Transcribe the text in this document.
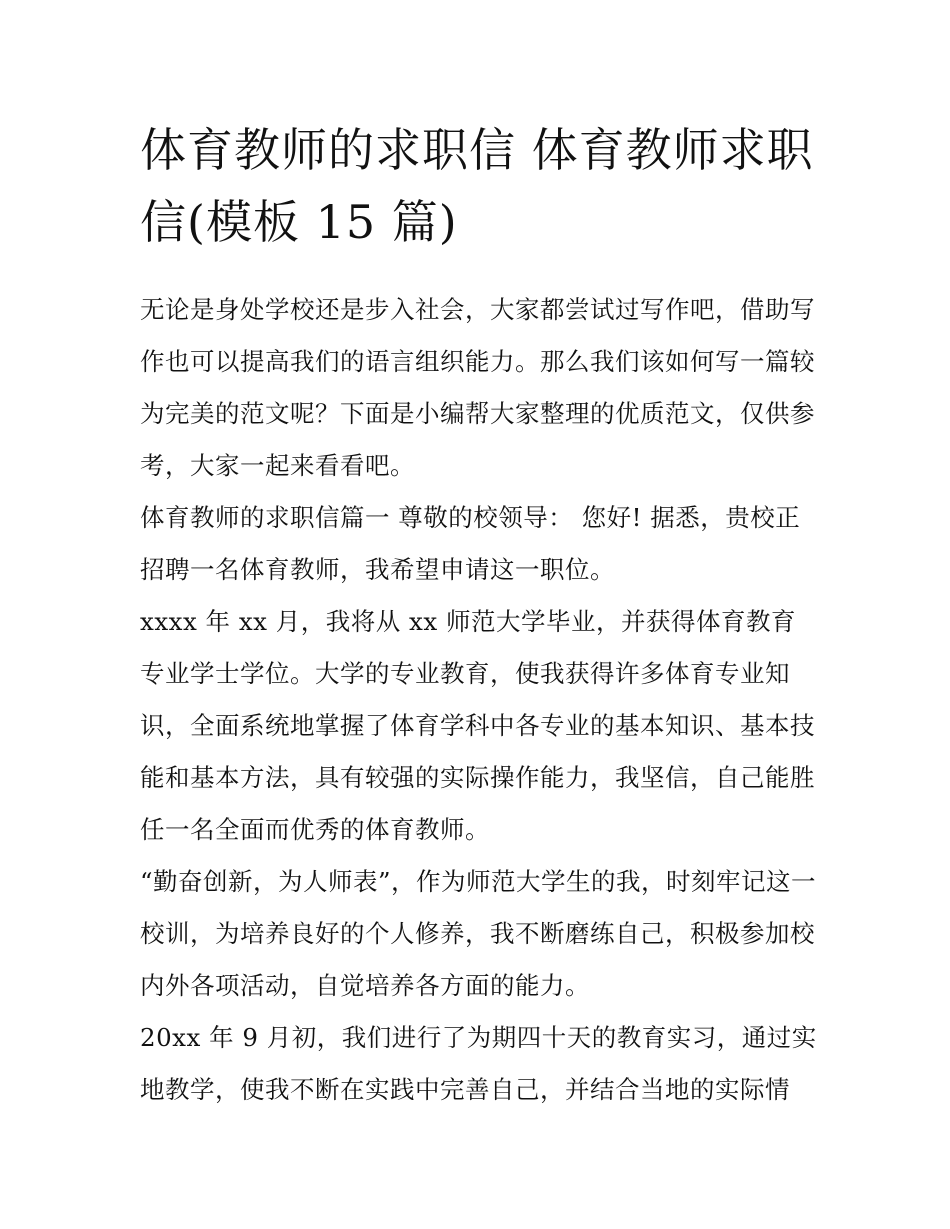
体育教师的求职信 体育教师求职信(模板 15 篇)

无论是身处学校还是步入社会，大家都尝试过写作吧，借助写作也可以提高我们的语言组织能力。那么我们该如何写一篇较为完美的范文呢？下面是小编帮大家整理的优质范文，仅供参考，大家一起来看看吧。

体育教师的求职信篇一 尊敬的校领导： 您好! 据悉，贵校正招聘一名体育教师，我希望申请这一职位。

xxxx 年 xx 月，我将从 xx 师范大学毕业，并获得体育教育专业学士学位。大学的专业教育，使我获得许多体育专业知识，全面系统地掌握了体育学科中各专业的基本知识、基本技能和基本方法，具有较强的实际操作能力，我坚信，自己能胜任一名全面而优秀的体育教师。

“勤奋创新，为人师表”，作为师范大学生的我，时刻牢记这一校训，为培养良好的个人修养，我不断磨练自己，积极参加校内外各项活动，自觉培养各方面的能力。

20xx 年 9 月初，我们进行了为期四十天的教育实习，通过实地教学，使我不断在实践中完善自己，并结合当地的实际情
